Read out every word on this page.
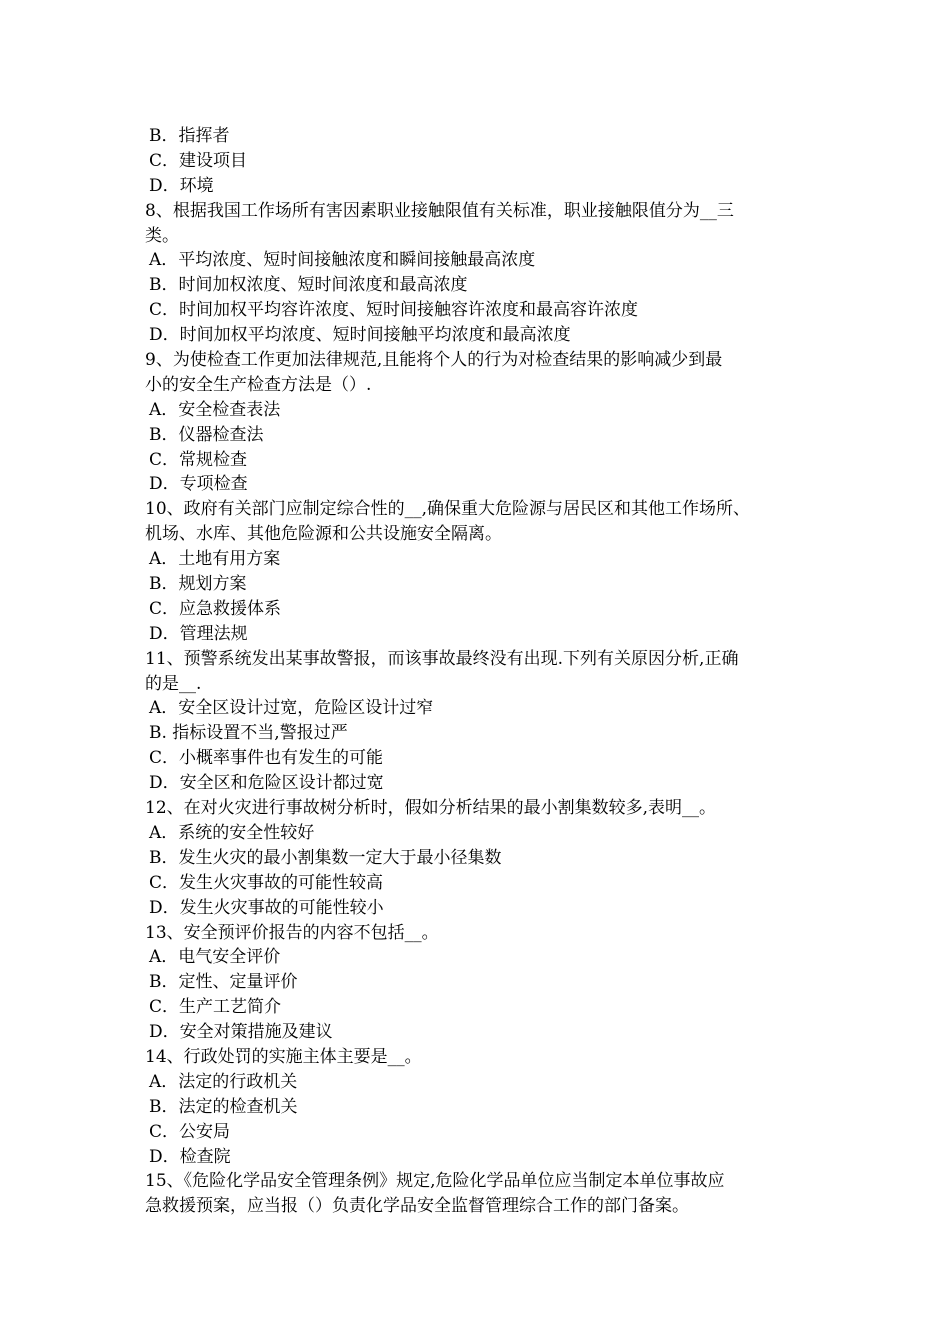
B．指挥者
C．建设项目
D．环境
8、根据我国工作场所有害因素职业接触限值有关标准，职业接触限值分为__三
类。
A．平均浓度、短时间接触浓度和瞬间接触最高浓度
B．时间加权浓度、短时间浓度和最高浓度
C．时间加权平均容许浓度、短时间接触容许浓度和最高容许浓度
D．时间加权平均浓度、短时间接触平均浓度和最高浓度
9、为使检查工作更加法律规范,且能将个人的行为对检查结果的影响减少到最
小的安全生产检查方法是（）.
A．安全检查表法
B．仪器检查法
C．常规检查
D．专项检查
10、政府有关部门应制定综合性的__,确保重大危险源与居民区和其他工作场所、
机场、水库、其他危险源和公共设施安全隔离。
A．土地有用方案
B．规划方案
C．应急救援体系
D．管理法规
11、预警系统发出某事故警报，而该事故最终没有出现.下列有关原因分析,正确
的是__.
A．安全区设计过宽，危险区设计过窄
B. 指标设置不当,警报过严
C．小概率事件也有发生的可能
D．安全区和危险区设计都过宽
12、在对火灾进行事故树分析时，假如分析结果的最小割集数较多,表明__。
A．系统的安全性较好
B．发生火灾的最小割集数一定大于最小径集数
C．发生火灾事故的可能性较高
D．发生火灾事故的可能性较小
13、安全预评价报告的内容不包括__。
A．电气安全评价
B．定性、定量评价
C．生产工艺简介
D．安全对策措施及建议
14、行政处罚的实施主体主要是__。
A．法定的行政机关
B．法定的检查机关
C．公安局
D．检查院
15、《危险化学品安全管理条例》规定,危险化学品单位应当制定本单位事故应
急救援预案，应当报（）负责化学品安全监督管理综合工作的部门备案。
